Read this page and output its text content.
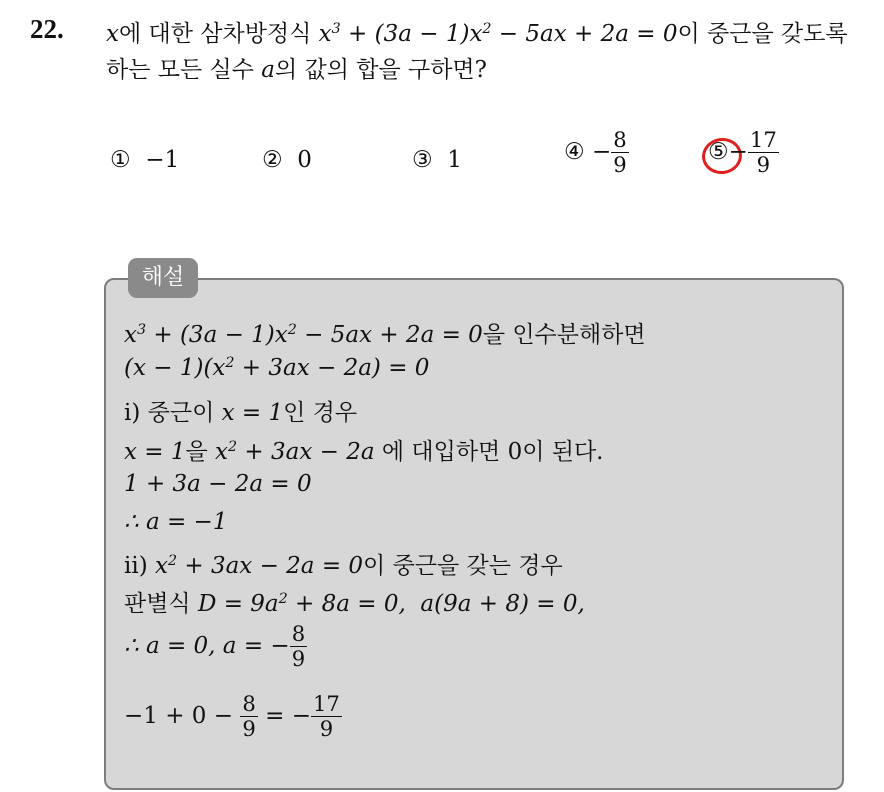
22. x에 대한 삼차방정식 $x^3 + (3a - 1)x^2 - 5ax + 2a = 0$이 중근을 갖도록
하는 모든 실수 a의 값의 합을 구하면?
① −1	② 0	③ 1	④ − $\frac{8}{9}$	⑤− $\frac{17}{9}$
해설
$x^3 + (3a - 1)x^2 - 5ax + 2a = 0$을 인수분해하면
$(x - 1)(x^2 + 3ax - 2a) = 0$
ⅰ) 중근이 x = 1인 경우
x = 1을 $x^2 + 3ax - 2a$ 에 대입하면 0이 된다.
1 + 3a − 2a = 0
∴ a = −1
ⅱ) $x^2 + 3ax - 2a = 0$이 중근을 갖는 경우
판별식 $D = 9a^2 + 8a = 0$,  a(9a + 8) = 0,
∴ a = 0, a = − $\frac{8}{9}$
$-1 + 0 - \frac{8}{9}$ = − $\frac{17}{9}$
